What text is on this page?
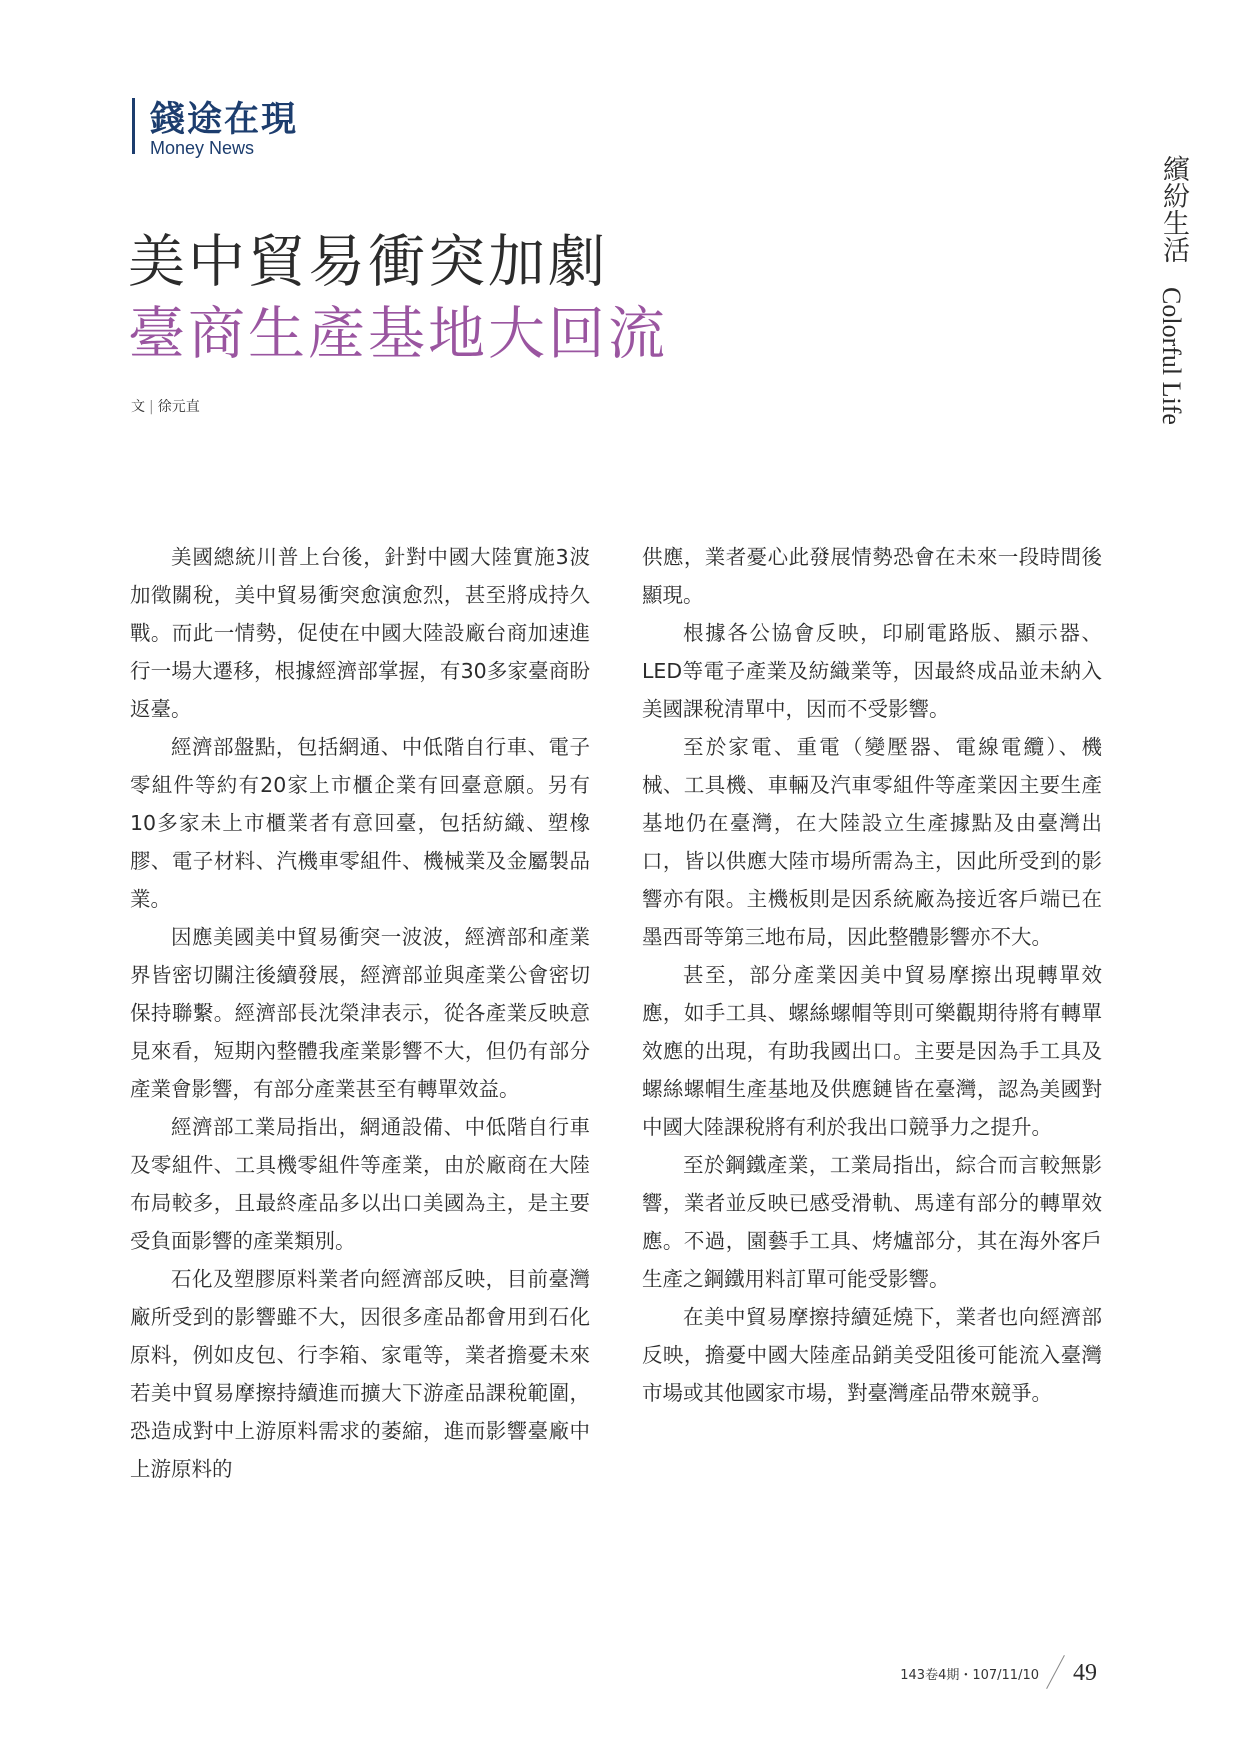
錢途在現
Money News
繽紛生活
Colorful Life
美中貿易衝突加劇
臺商生產基地大回流
文 | 徐元直

美國總統川普上台後，針對中國大陸實施3波加徵關稅，美中貿易衝突愈演愈烈，甚至將成持久戰。而此一情勢，促使在中國大陸設廠台商加速進行一場大遷移，根據經濟部掌握，有30多家臺商盼返臺。

經濟部盤點，包括網通、中低階自行車、電子零組件等約有20家上市櫃企業有回臺意願。另有10多家未上市櫃業者有意回臺，包括紡織、塑橡膠、電子材料、汽機車零組件、機械業及金屬製品業。

因應美國美中貿易衝突一波波，經濟部和產業界皆密切關注後續發展，經濟部並與產業公會密切保持聯繫。經濟部長沈榮津表示，從各產業反映意見來看，短期內整體我產業影響不大，但仍有部分產業會影響，有部分產業甚至有轉單效益。

經濟部工業局指出，網通設備、中低階自行車及零組件、工具機零組件等產業，由於廠商在大陸布局較多，且最終產品多以出口美國為主，是主要受負面影響的產業類別。

石化及塑膠原料業者向經濟部反映，目前臺灣廠所受到的影響雖不大，因很多產品都會用到石化原料，例如皮包、行李箱、家電等，業者擔憂未來若美中貿易摩擦持續進而擴大下游產品課稅範圍，恐造成對中上游原料需求的萎縮，進而影響臺廠中上游原料的

供應，業者憂心此發展情勢恐會在未來一段時間後顯現。

根據各公協會反映，印刷電路版、顯示器、LED等電子產業及紡織業等，因最終成品並未納入美國課稅清單中，因而不受影響。

至於家電、重電（變壓器、電線電纜）、機械、工具機、車輛及汽車零組件等產業因主要生產基地仍在臺灣，在大陸設立生產據點及由臺灣出口，皆以供應大陸市場所需為主，因此所受到的影響亦有限。主機板則是因系統廠為接近客戶端已在墨西哥等第三地布局，因此整體影響亦不大。

甚至，部分產業因美中貿易摩擦出現轉單效應，如手工具、螺絲螺帽等則可樂觀期待將有轉單效應的出現，有助我國出口。主要是因為手工具及螺絲螺帽生產基地及供應鏈皆在臺灣，認為美國對中國大陸課稅將有利於我出口競爭力之提升。

至於鋼鐵產業，工業局指出，綜合而言較無影響，業者並反映已感受滑軌、馬達有部分的轉單效應。不過，園藝手工具、烤爐部分，其在海外客戶生產之鋼鐵用料訂單可能受影響。

在美中貿易摩擦持續延燒下，業者也向經濟部反映，擔憂中國大陸產品銷美受阻後可能流入臺灣市場或其他國家市場，對臺灣產品帶來競爭。

143卷4期・107/11/10 49
